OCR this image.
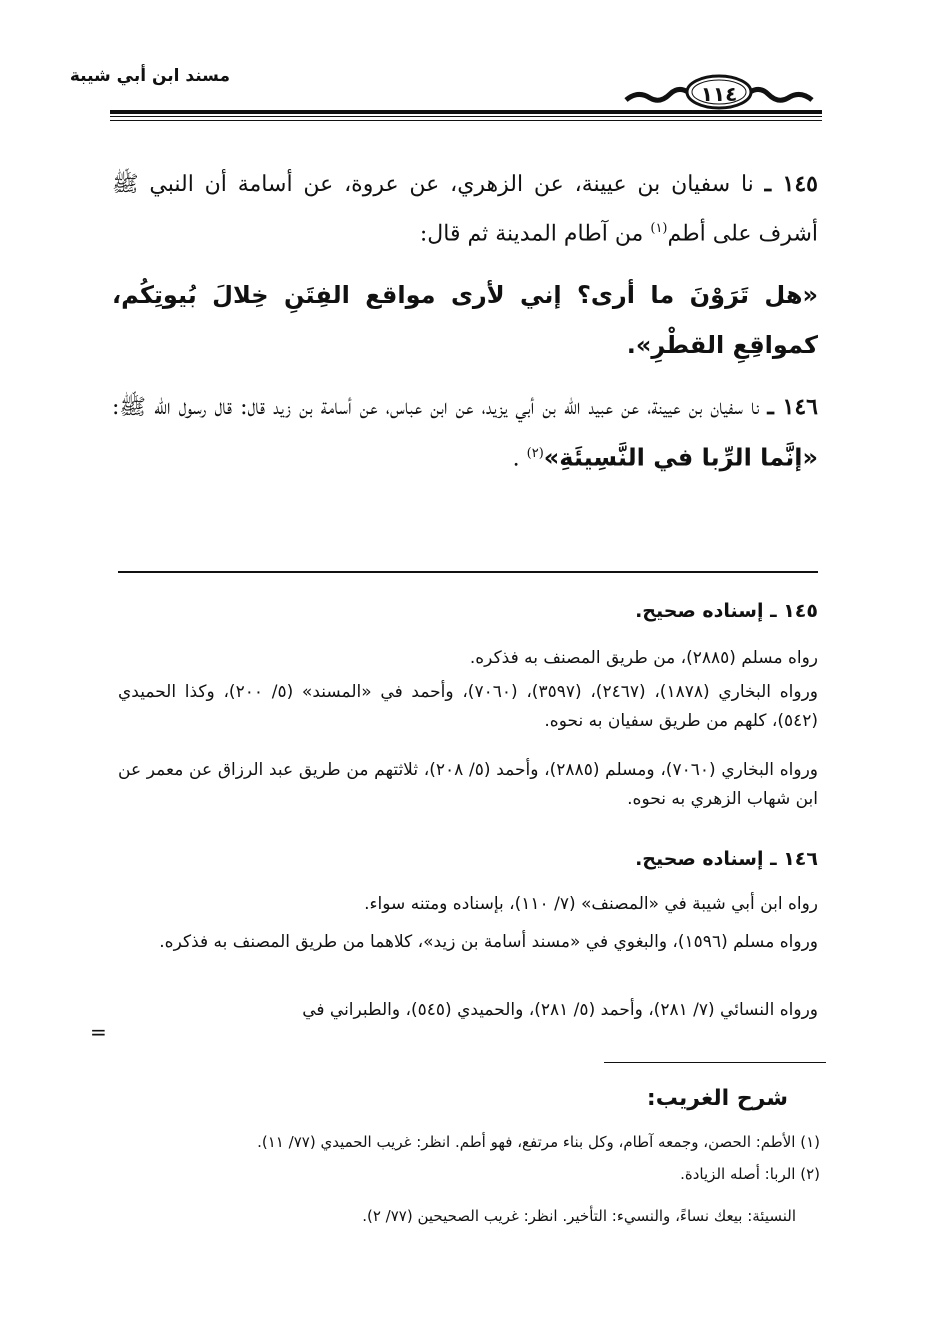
مسند ابن أبي شيبة
١١٤
١٤٥ ـ نا سفيان بن عيينة، عن الزهري، عن عروة، عن أسامة أن النبي ﷺ أشرف على أطم$^{(١)}$ من آطام المدينة ثم قال:
«هل تَرَوْنَ ما أرى؟ إني لأرى مواقع الفِتَنِ خِلالَ بُيوتِكُم، كمواقِعِ القطْرِ».
١٤٦ ـ نا سفيان بن عيينة، عن عبيد الله بن أبي يزيد، عن ابن عباس، عن أسامة بن زيد قال: قال رسول الله ﷺ: «إنَّما الرِّبا في النَّسِيئَةِ»$^{(٢)}$ .
١٤٥ ـ إسناده صحيح.
رواه مسلم (٢٨٨٥)، من طريق المصنف به فذكره.
ورواه البخاري (١٨٧٨)، (٢٤٦٧)، (٣٥٩٧)، (٧٠٦٠)، وأحمد في «المسند» (٥/ ٢٠٠)، وكذا الحميدي (٥٤٢)، كلهم من طريق سفيان به نحوه.
ورواه البخاري (٧٠٦٠)، ومسلم (٢٨٨٥)، وأحمد (٥/ ٢٠٨)، ثلاثتهم من طريق عبد الرزاق عن معمر عن ابن شهاب الزهري به نحوه.
١٤٦ ـ إسناده صحيح.
رواه ابن أبي شيبة في «المصنف» (٧/ ١١٠)، بإسناده ومتنه سواء.
ورواه مسلم (١٥٩٦)، والبغوي في «مسند أسامة بن زيد»، كلاهما من طريق المصنف به فذكره.
ورواه النسائي (٧/ ٢٨١)، وأحمد (٥/ ٢٨١)، والحميدي (٥٤٥)، والطبراني في
=
شرح الغريب:
(١) الأطم: الحصن، وجمعه آطام، وكل بناء مرتفع، فهو أطم. انظر: غريب الحميدي (٧٧/ ١١).
(٢) الربا: أصله الزيادة.
النسيئة: بيعك نساءً، والنسيء: التأخير. انظر: غريب الصحيحين (٧٧/ ٢).
